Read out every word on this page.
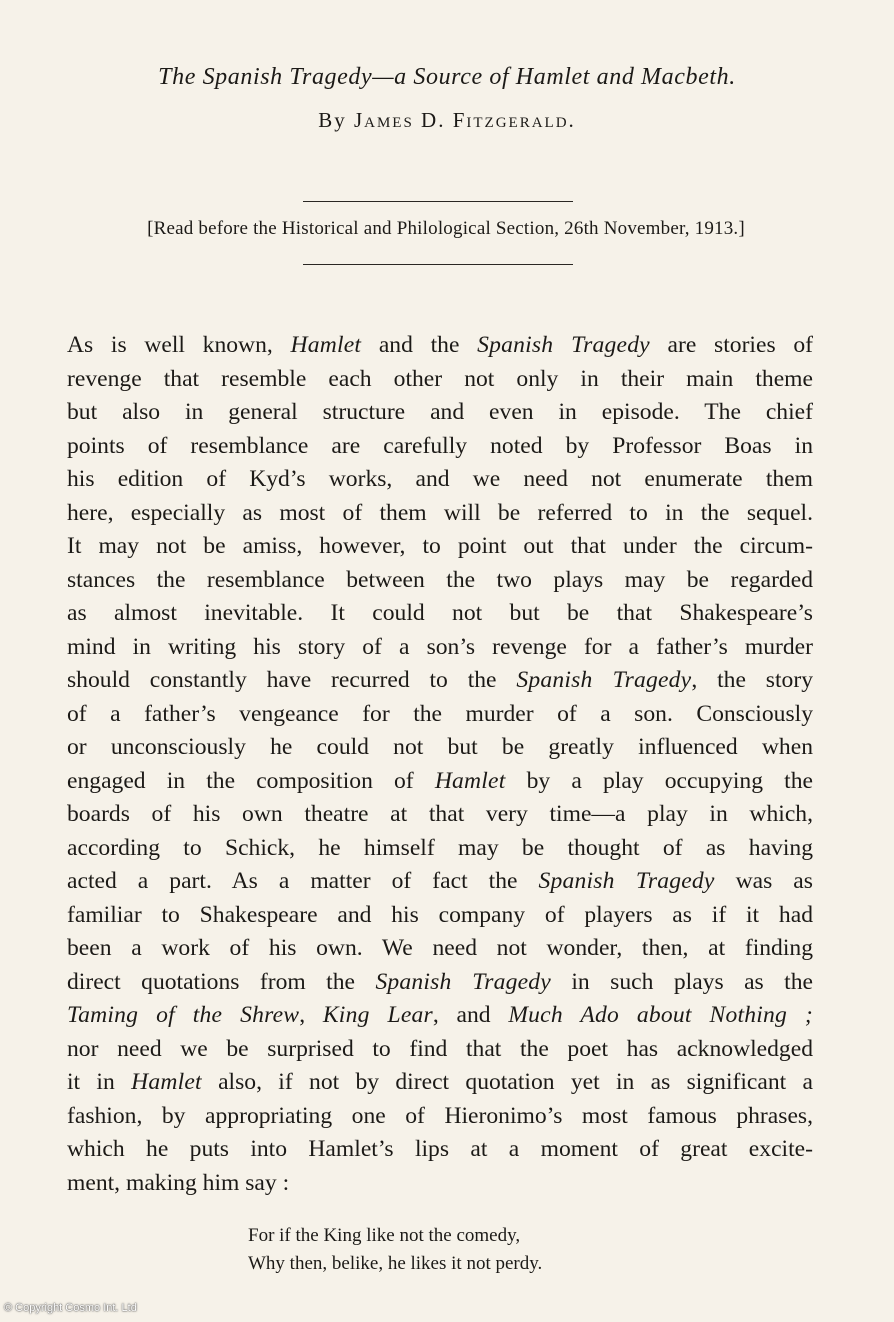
The Spanish Tragedy—a Source of Hamlet and Macbeth.

By James D. Fitzgerald.

[Read before the Historical and Philological Section, 26th November, 1913.]

As is well known, Hamlet and the Spanish Tragedy are stories of
revenge that resemble each other not only in their main theme
but also in general structure and even in episode. The chief
points of resemblance are carefully noted by Professor Boas in
his edition of Kyd’s works, and we need not enumerate them
here, especially as most of them will be referred to in the sequel.
It may not be amiss, however, to point out that under the circum-
stances the resemblance between the two plays may be regarded
as almost inevitable. It could not but be that Shakespeare’s
mind in writing his story of a son’s revenge for a father’s murder
should constantly have recurred to the Spanish Tragedy, the story
of a father’s vengeance for the murder of a son. Consciously
or unconsciously he could not but be greatly influenced when
engaged in the composition of Hamlet by a play occupying the
boards of his own theatre at that very time—a play in which,
according to Schick, he himself may be thought of as having
acted a part. As a matter of fact the Spanish Tragedy was as
familiar to Shakespeare and his company of players as if it had
been a work of his own. We need not wonder, then, at finding
direct quotations from the Spanish Tragedy in such plays as the
Taming of the Shrew, King Lear, and Much Ado about Nothing ;
nor need we be surprised to find that the poet has acknowledged
it in Hamlet also, if not by direct quotation yet in as significant a
fashion, by appropriating one of Hieronimo’s most famous phrases,
which he puts into Hamlet’s lips at a moment of great excite-
ment, making him say :
For if the King like not the comedy,
Why then, belike, he likes it not perdy.
© Copyright Cosmo Int. Ltd
